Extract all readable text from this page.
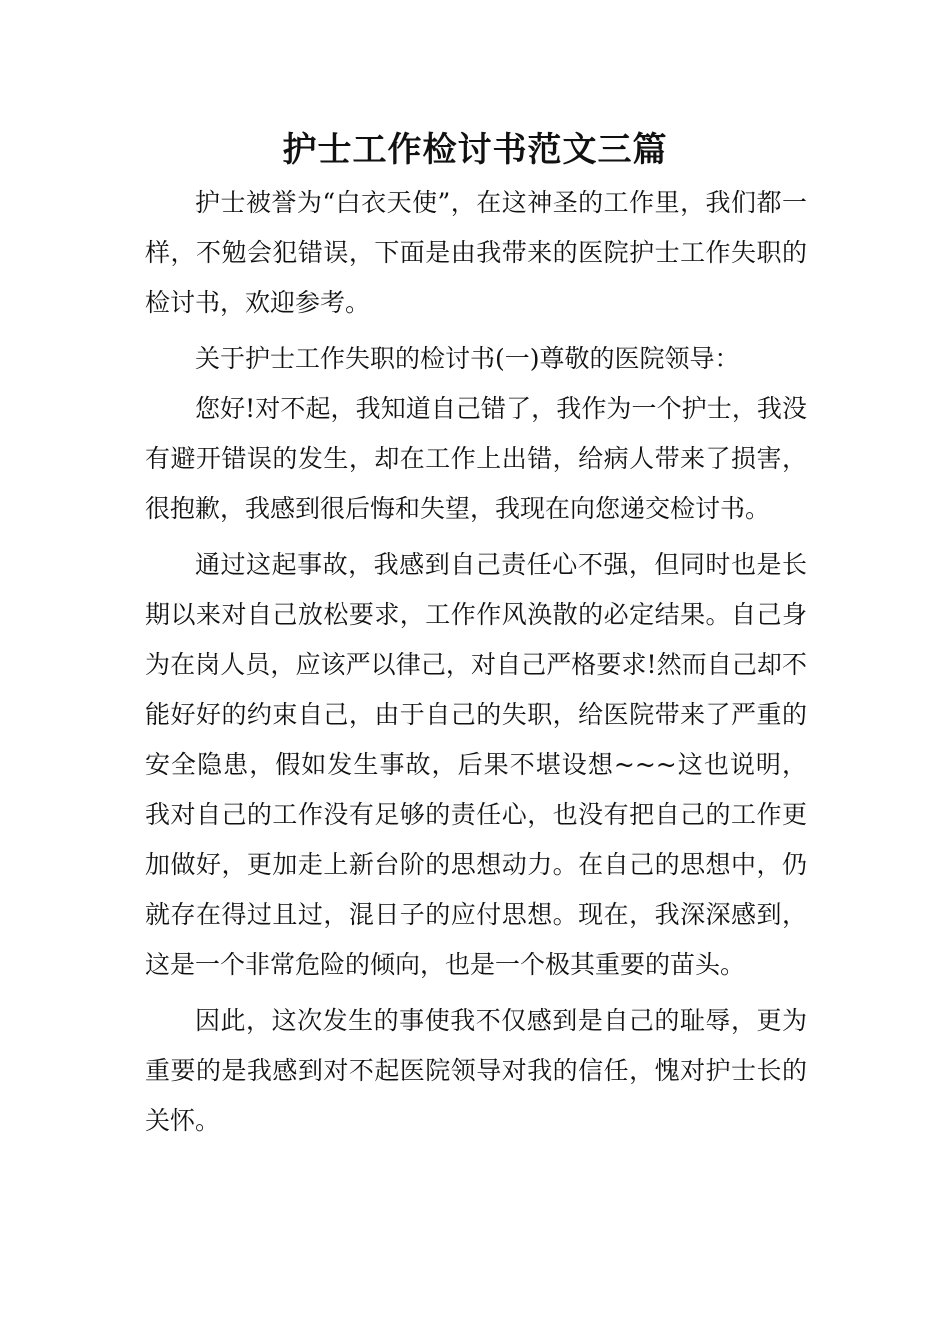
护士工作检讨书范文三篇

护士被誉为“白衣天使”，在这神圣的工作里，我们都一样，不勉会犯错误，下面是由我带来的医院护士工作失职的检讨书，欢迎参考。

关于护士工作失职的检讨书(一)尊敬的医院领导：

您好!对不起，我知道自己错了，我作为一个护士，我没有避开错误的发生，却在工作上出错，给病人带来了损害，很抱歉，我感到很后悔和失望，我现在向您递交检讨书。

通过这起事故，我感到自己责任心不强，但同时也是长期以来对自己放松要求，工作作风涣散的必定结果。自己身为在岗人员，应该严以律己，对自己严格要求!然而自己却不能好好的约束自己，由于自己的失职，给医院带来了严重的安全隐患，假如发生事故，后果不堪设想~~~这也说明，我对自己的工作没有足够的责任心，也没有把自己的工作更加做好，更加走上新台阶的思想动力。在自己的思想中，仍就存在得过且过，混日子的应付思想。现在，我深深感到，这是一个非常危险的倾向，也是一个极其重要的苗头。

因此，这次发生的事使我不仅感到是自己的耻辱，更为重要的是我感到对不起医院领导对我的信任，愧对护士长的关怀。
